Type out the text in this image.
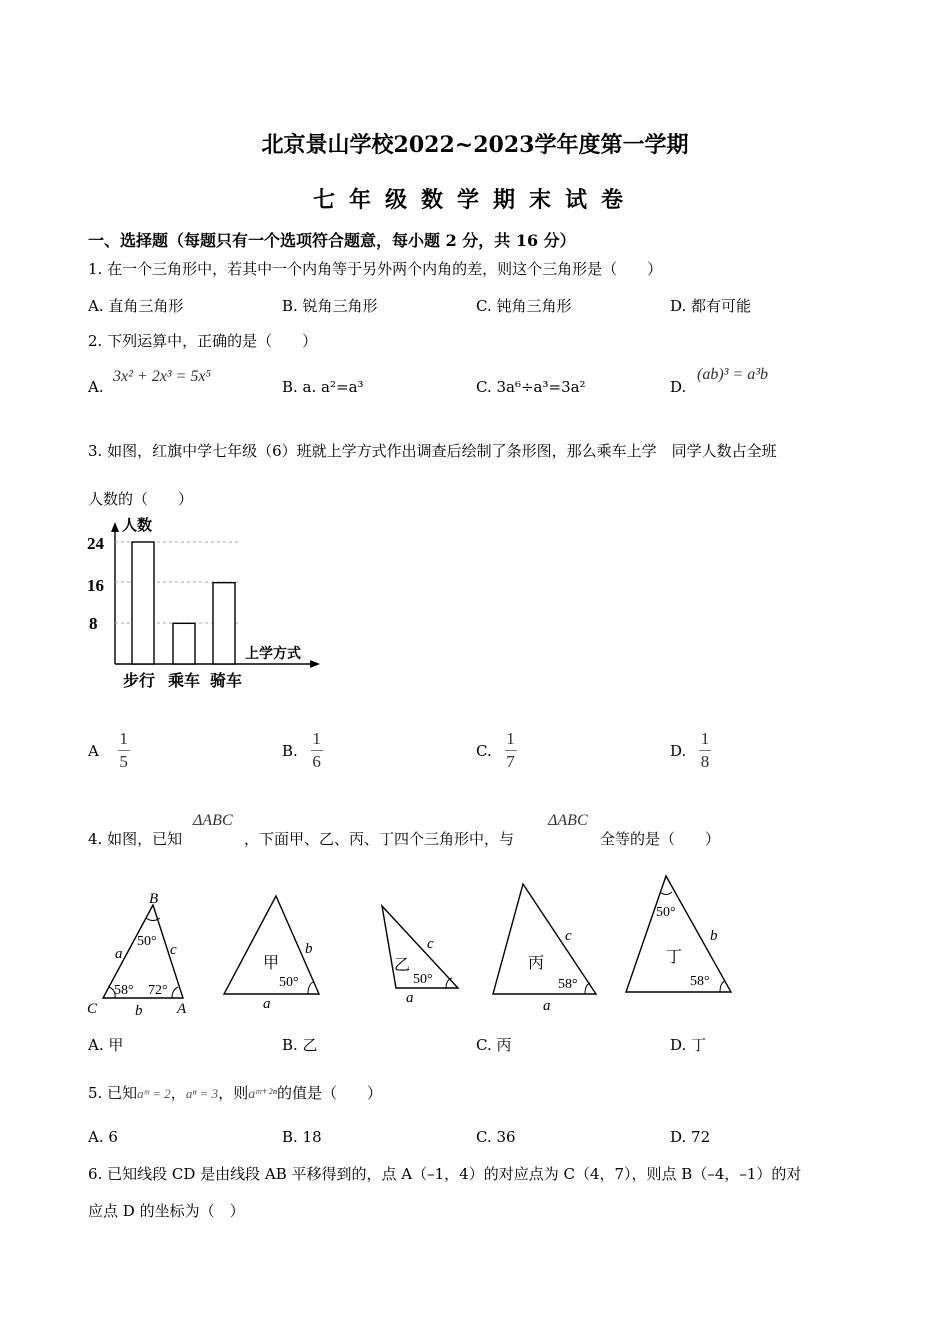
北京景山学校2022~2023学年度第一学期
七年级数学期末试卷
一、选择题（每题只有一个选项符合题意，每小题 2 分，共 16 分）
1. 在一个三角形中，若其中一个内角等于另外两个内角的差，则这个三角形是（　　）
A. 直角三角形	B. 锐角三角形	C. 钝角三角形	D. 都有可能
2. 下列运算中，正确的是（　　）
A.
3x² + 2x³ = 5x⁵
B. a. a²=a³	C. 3a⁶÷a³=3a²	D.
(ab)³ = a³b
3. 如图，红旗中学七年级（6）班就上学方式作出调查后绘制了条形图，那么乘车上学　同学人数占全班
人数的（　　）
24
16
8
人数
上学方式
步行 乘车 骑车
A $\frac{1}{5}$	B. $\frac{1}{6}$	C. $\frac{1}{7}$	D. $\frac{1}{8}$
4. 如图，已知
ΔABC
，下面甲、乙、丙、丁四个三角形中，与
ΔABC
全等的是（　　）
B
C	A
a	c
b
50°
58° 72°
甲
b
a
50°
乙
c
a
50°
丙
c
a
58°
丁
b
50°
58°
A. 甲	B. 乙	C. 丙	D. 丁
5. 已知aᵐ = 2，aⁿ = 3，则aᵐ⁺²ⁿ的值是（　　）
A. 6	B. 18	C. 36	D. 72
6. 已知线段 CD 是由线段 AB 平移得到的，点 A（–1，4）的对应点为 C（4，7），则点 B（–4，–1）的对
应点 D 的坐标为（　）
